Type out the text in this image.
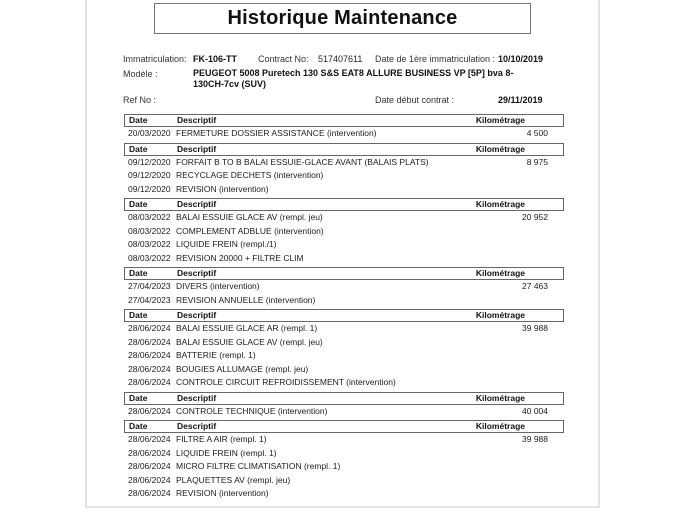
Historique Maintenance
Immatriculation: FK-106-TT	Contract No:	517407611	Date de 1ère immatriculation : 10/10/2019
Modèle :	PEUGEOT 5008 Puretech 130 S&S EAT8 ALLURE BUSINESS VP [5P] bva 8-130CH-7cv (SUV)
Ref No :	Date début contrat :	29/11/2019
Date	Descriptif	Kilométrage
20/03/2020 FERMETURE DOSSIER ASSISTANCE (intervention)	4 500
Date	Descriptif	Kilométrage
09/12/2020 FORFAIT B TO B BALAI ESSUIE-GLACE AVANT (BALAIS PLATS)	8 975
09/12/2020 RECYCLAGE DECHETS (intervention)
09/12/2020 REVISION (intervention)
Date	Descriptif	Kilométrage
08/03/2022 BALAI ESSUIE GLACE AV (rempl. jeu)	20 952
08/03/2022 COMPLEMENT ADBLUE (intervention)
08/03/2022 LIQUIDE FREIN (rempl./1)
08/03/2022 REVISION 20000 + FILTRE CLIM
Date	Descriptif	Kilométrage
27/04/2023 DIVERS (intervention)	27 463
27/04/2023 REVISION ANNUELLE (intervention)
Date	Descriptif	Kilométrage
28/06/2024 BALAI ESSUIE GLACE AR (rempl. 1)	39 988
28/06/2024 BALAI ESSUIE GLACE AV (rempl. jeu)
28/06/2024 BATTERIE (rempl. 1)
28/06/2024 BOUGIES ALLUMAGE (rempl. jeu)
28/06/2024 CONTROLE CIRCUIT REFROIDISSEMENT (intervention)
Date	Descriptif	Kilométrage
28/06/2024 CONTROLE TECHNIQUE (intervention)	40 004
Date	Descriptif	Kilométrage
28/06/2024 FILTRE A AIR (rempl. 1)	39 988
28/06/2024 LIQUIDE FREIN (rempl. 1)
28/06/2024 MICRO FILTRE CLIMATISATION (rempl. 1)
28/06/2024 PLAQUETTES AV (rempl. jeu)
28/06/2024 REVISION (intervention)
